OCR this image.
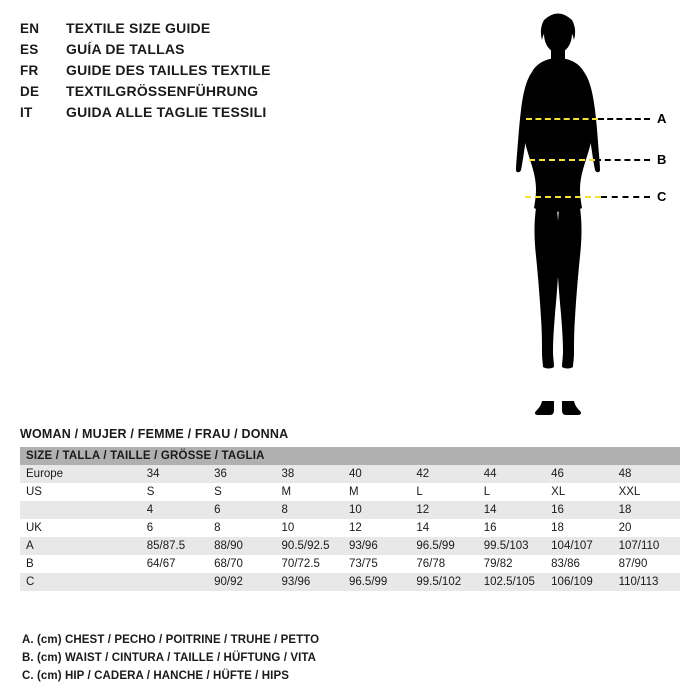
EN	TEXTILE SIZE GUIDE
ES	GUÍA DE TALLAS
FR	GUIDE DES TAILLES TEXTILE
DE	TEXTILGRÖSSENFÜHRUNG
IT	GUIDA ALLE TAGLIE TESSILI	A
B
C
WOMAN / MUJER / FEMME / FRAU / DONNA
SIZE / TALLA / TAILLE / GRÖSSE / TAGLIA								
Europe	34	36	38	40	42	44	46	48
US	S	S	M	M	L	L	XL	XXL
	4	6	8	10	12	14	16	18
UK	6	8	10	12	14	16	18	20
A	85/87.5	88/90	90.5/92.5	93/96	96.5/99	99.5/103	104/107	107/110
B	64/67	68/70	70/72.5	73/75	76/78	79/82	83/86	87/90
C		90/92	93/96	96.5/99	99.5/102	102.5/105	106/109	110/113
A. (cm) CHEST / PECHO / POITRINE / TRUHE / PETTO
B. (cm) WAIST / CINTURA / TAILLE / HÜFTUNG / VITA
C. (cm) HIP / CADERA / HANCHE / HÜFTE / HIPS
